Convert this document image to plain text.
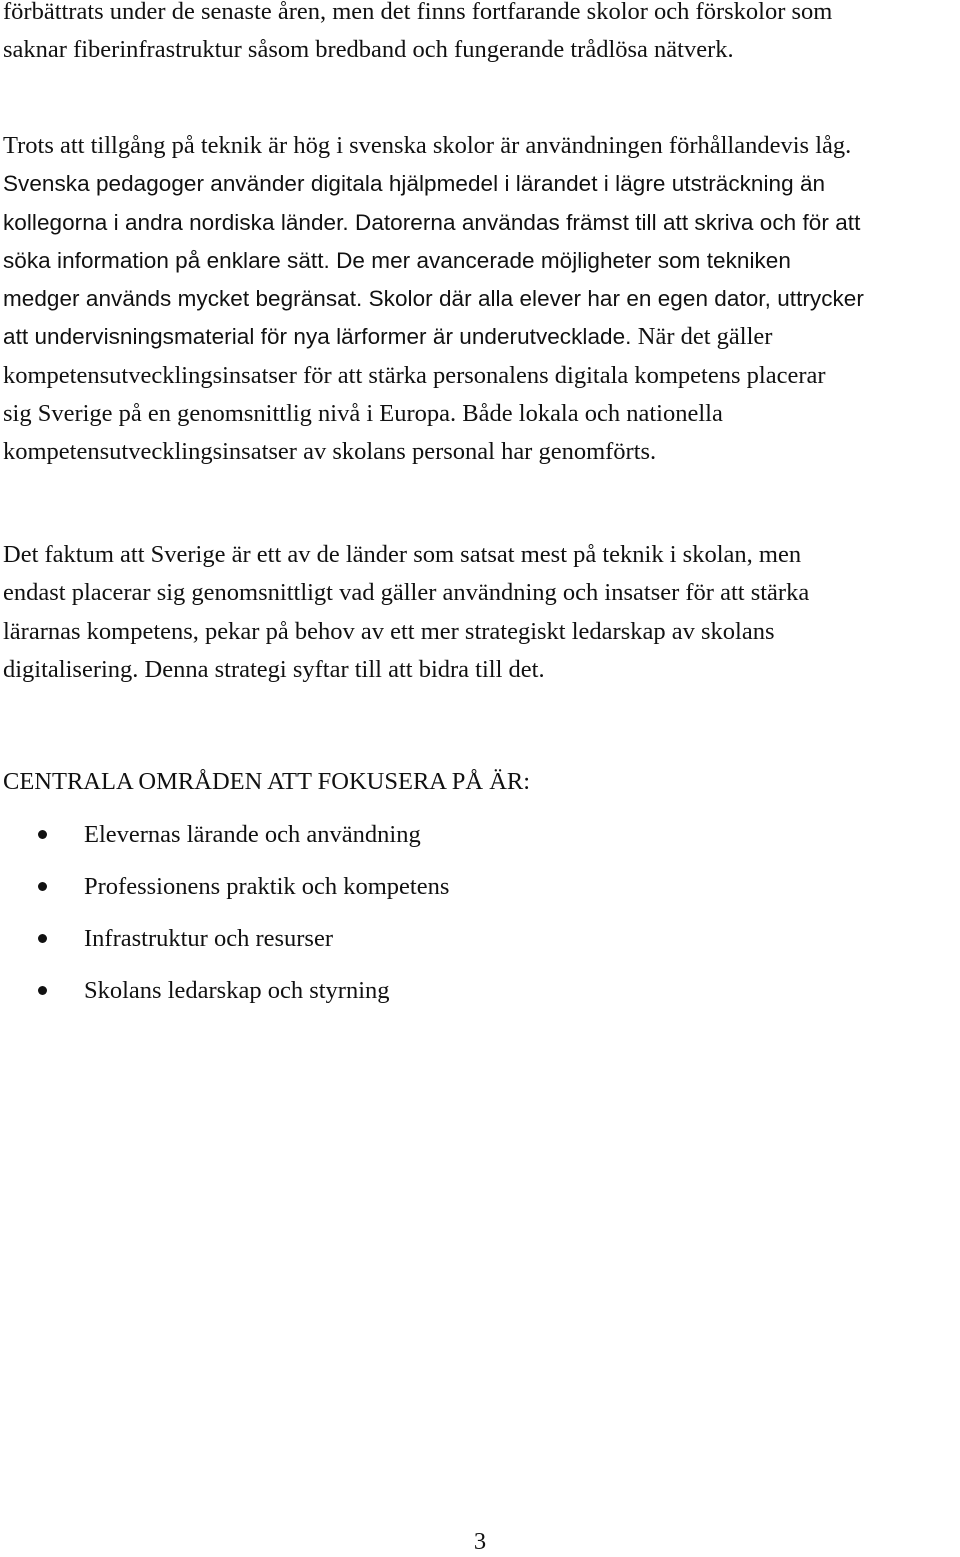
förbättrats under de senaste åren, men det finns fortfarande skolor och förskolor som
saknar fiberinfrastruktur såsom bredband och fungerande trådlösa nätverk.
Trots att tillgång på teknik är hög i svenska skolor är användningen förhållandevis låg.
Svenska pedagoger använder digitala hjälpmedel i lärandet i lägre utsträckning än
kollegorna i andra nordiska länder. Datorerna användas främst till att skriva och för att
söka information på enklare sätt. De mer avancerade möjligheter som tekniken
medger används mycket begränsat. Skolor där alla elever har en egen dator, uttrycker
att undervisningsmaterial för nya lärformer är underutvecklade. När det gäller
kompetensutvecklingsinsatser för att stärka personalens digitala kompetens placerar
sig Sverige på en genomsnittlig nivå i Europa. Både lokala och nationella
kompetensutvecklingsinsatser av skolans personal har genomförts.
Det faktum att Sverige är ett av de länder som satsat mest på teknik i skolan, men
endast placerar sig genomsnittligt vad gäller användning och insatser för att stärka
lärarnas kompetens, pekar på behov av ett mer strategiskt ledarskap av skolans
digitalisering. Denna strategi syftar till att bidra till det.
CENTRALA OMRÅDEN ATT FOKUSERA PÅ ÄR:
Elevernas lärande och användning
Professionens praktik och kompetens
Infrastruktur och resurser
Skolans ledarskap och styrning
3
